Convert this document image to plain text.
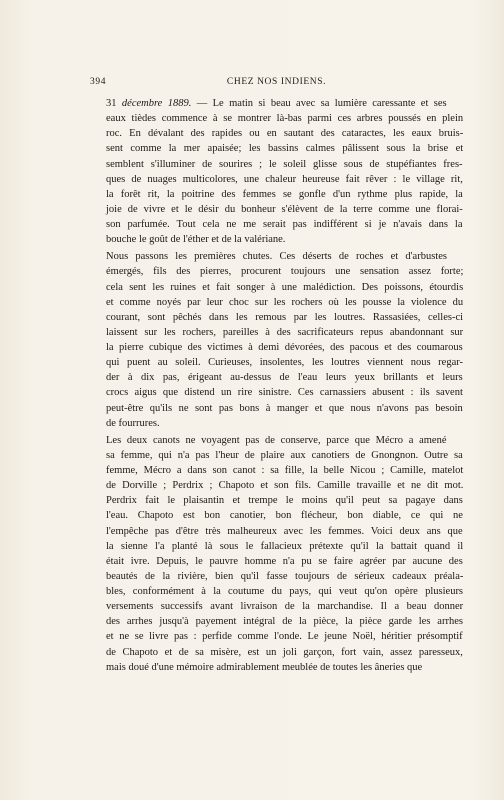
394	CHEZ NOS INDIENS.

31 décembre 1889. — Le matin si beau avec sa lumière caressante et ses
eaux tièdes commence à se montrer là-bas parmi ces arbres poussés en plein
roc. En dévalant des rapides ou en sautant des cataractes, les eaux bruis-
sent comme la mer apaisée; les bassins calmes pâlissent sous la brise et
semblent s'illuminer de sourires ; le soleil glisse sous de stupéfiantes fres-
ques de nuages multicolores, une chaleur heureuse fait rêver : le village rit,
la forêt rit, la poitrine des femmes se gonfle d'un rythme plus rapide, la
joie de vivre et le désir du bonheur s'élèvent de la terre comme une florai-
son parfumée. Tout cela ne me serait pas indifférent si je n'avais dans la
bouche le goût de l'éther et de la valériane.

Nous passons les premières chutes. Ces déserts de roches et d'arbustes
émergés, fils des pierres, procurent toujours une sensation assez forte;
cela sent les ruines et fait songer à une malédiction. Des poissons, étourdis
et comme noyés par leur choc sur les rochers où les pousse la violence du
courant, sont pêchés dans les remous par les loutres. Rassasiées, celles-ci
laissent sur les rochers, pareilles à des sacrificateurs repus abandonnant sur
la pierre cubique des victimes à demi dévorées, des pacous et des coumarous
qui puent au soleil. Curieuses, insolentes, les loutres viennent nous regar-
der à dix pas, érigeant au-dessus de l'eau leurs yeux brillants et leurs
crocs aigus que distend un rire sinistre. Ces carnassiers abusent : ils savent
peut-être qu'ils ne sont pas bons à manger et que nous n'avons pas besoin
de fourrures.

Les deux canots ne voyagent pas de conserve, parce que Mécro a amené
sa femme, qui n'a pas l'heur de plaire aux canotiers de Gnongnon. Outre sa
femme, Mécro a dans son canot : sa fille, la belle Nicou ; Camille, matelot
de Dorville ; Perdrix ; Chapoto et son fils. Camille travaille et ne dit mot.
Perdrix fait le plaisantin et trempe le moins qu'il peut sa pagaye dans
l'eau. Chapoto est bon canotier, bon flécheur, bon diable, ce qui ne
l'empêche pas d'être très malheureux avec les femmes. Voici deux ans que
la sienne l'a planté là sous le fallacieux prétexte qu'il la battait quand il
était ivre. Depuis, le pauvre homme n'a pu se faire agréer par aucune des
beautés de la rivière, bien qu'il fasse toujours de sérieux cadeaux préala-
bles, conformément à la coutume du pays, qui veut qu'on opère plusieurs
versements successifs avant livraison de la marchandise. Il a beau donner
des arrhes jusqu'à payement intégral de la pièce, la pièce garde les arrhes
et ne se livre pas : perfide comme l'onde. Le jeune Noël, héritier présomptif
de Chapoto et de sa misère, est un joli garçon, fort vain, assez paresseux,
mais doué d'une mémoire admirablement meublée de toutes les âneries que
